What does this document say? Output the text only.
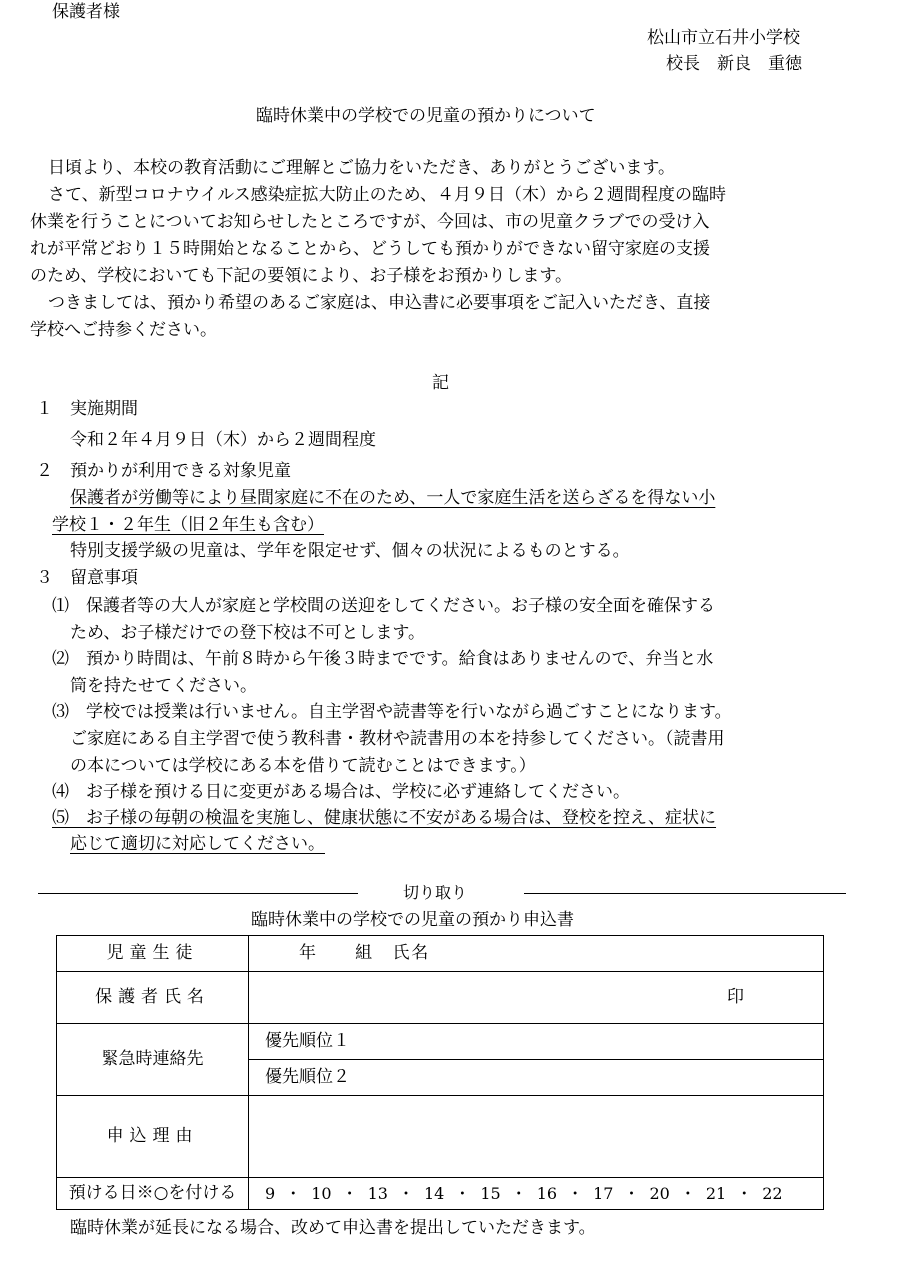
保護者様
松山市立石井小学校
校長　新良　重徳
臨時休業中の学校での児童の預かりについて
日頃より、本校の教育活動にご理解とご協力をいただき、ありがとうございます。
さて、新型コロナウイルス感染症拡大防止のため、４月９日（木）から２週間程度の臨時
休業を行うことについてお知らせしたところですが、今回は、市の児童クラブでの受け入
れが平常どおり１５時開始となることから、どうしても預かりができない留守家庭の支援
のため、学校においても下記の要領により、お子様をお預かりします。
つきましては、預かり希望のあるご家庭は、申込書に必要事項をご記入いただき、直接
学校へご持参ください。
記
１　実施期間
令和２年４月９日（木）から２週間程度
２　預かりが利用できる対象児童
保護者が労働等により昼間家庭に不在のため、一人で家庭生活を送らざるを得ない小
学校１・２年生（旧２年生も含む）
特別支援学級の児童は、学年を限定せず、個々の状況によるものとする。
３　留意事項
⑴　保護者等の大人が家庭と学校間の送迎をしてください。お子様の安全面を確保する
ため、お子様だけでの登下校は不可とします。
⑵　預かり時間は、午前８時から午後３時までです。給食はありませんので、弁当と水
筒を持たせてください。
⑶　学校では授業は行いません。自主学習や読書等を行いながら過ごすことになります。
ご家庭にある自主学習で使う教科書・教材や読書用の本を持参してください。（読書用
の本については学校にある本を借りて読むことはできます。）
⑷　お子様を預ける日に変更がある場合は、学校に必ず連絡してください。
⑸　お子様の毎朝の検温を実施し、健康状態に不安がある場合は、登校を控え、症状に
応じて適切に対応してください。
切り取り
臨時休業中の学校での児童の預かり申込書
児童生徒	年　　組　氏名
保護者氏名	印

緊急時連絡先	優先順位１
	優先順位２
申込理由	
預ける日※○を付ける	9 ・ 10 ・ 13 ・ 14 ・ 15 ・ 16 ・ 17 ・ 20 ・ 21 ・ 22
臨時休業が延長になる場合、改めて申込書を提出していただきます。
